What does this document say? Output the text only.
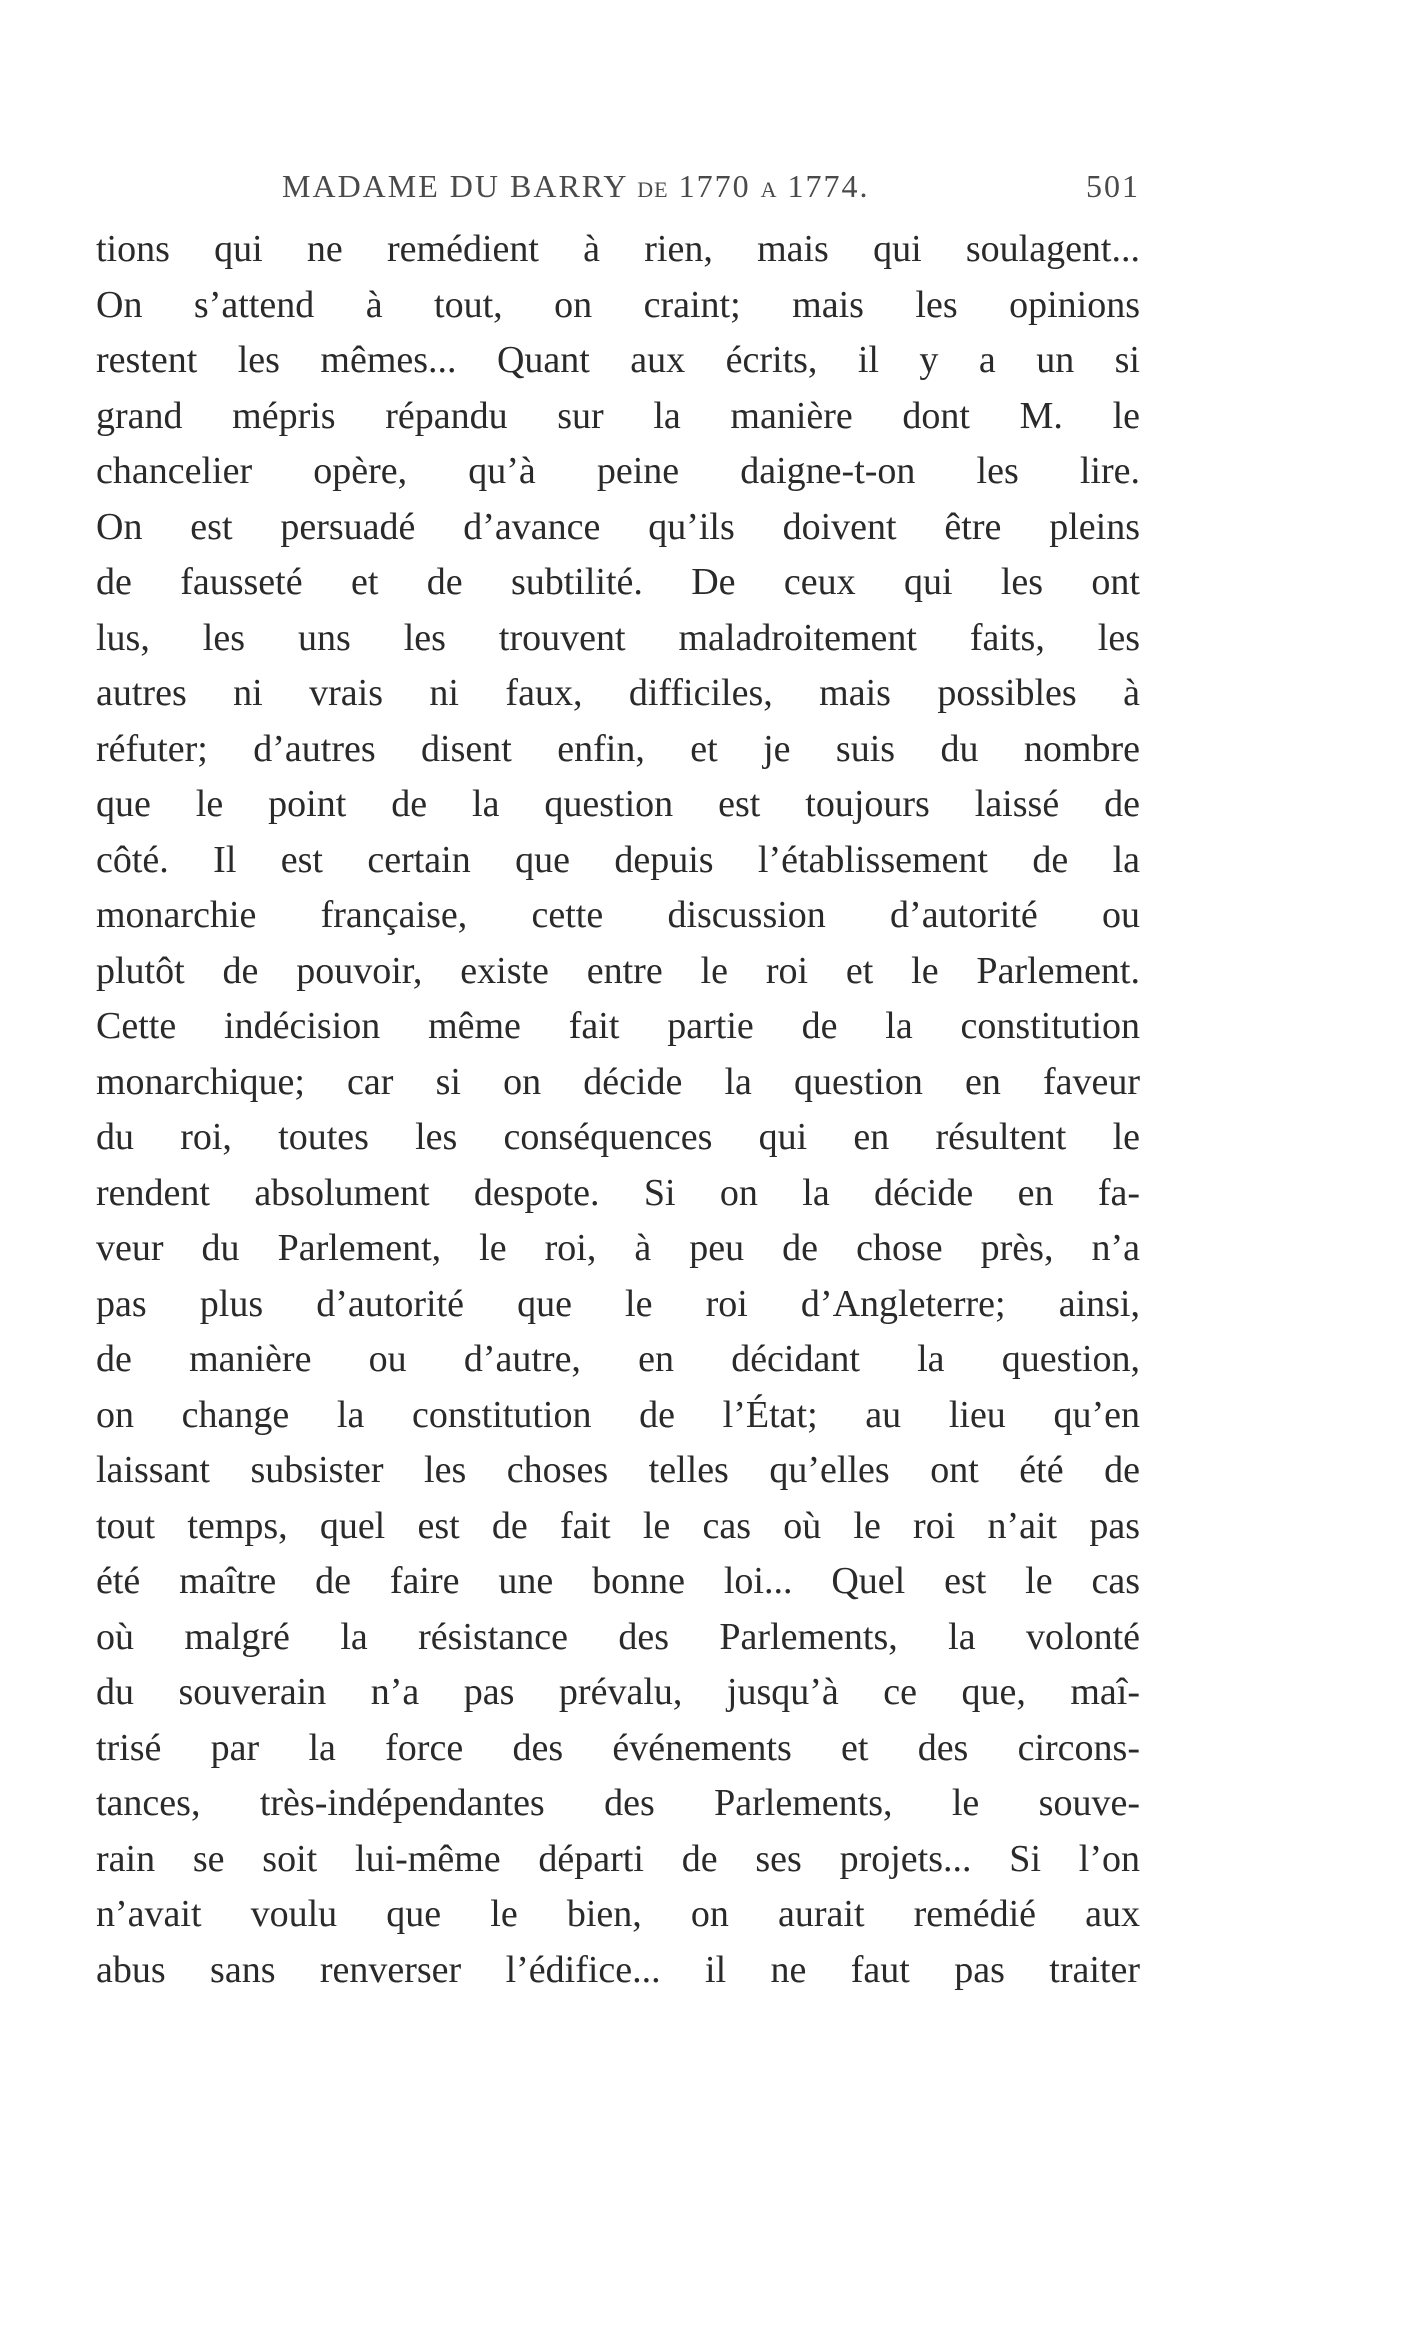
MADAME DU BARRY DE 1770 A 1774.	501
tions qui ne remédient à rien, mais qui soulagent...
On s’attend à tout, on craint; mais les opinions
restent les mêmes... Quant aux écrits, il y a un si
grand mépris répandu sur la manière dont M. le
chancelier opère, qu’à peine daigne-t-on les lire.
On est persuadé d’avance qu’ils doivent être pleins
de fausseté et de subtilité. De ceux qui les ont
lus, les uns les trouvent maladroitement faits, les
autres ni vrais ni faux, difficiles, mais possibles à
réfuter; d’autres disent enfin, et je suis du nombre
que le point de la question est toujours laissé de
côté. Il est certain que depuis l’établissement de la
monarchie française, cette discussion d’autorité ou
plutôt de pouvoir, existe entre le roi et le Parlement.
Cette indécision même fait partie de la constitution
monarchique; car si on décide la question en faveur
du roi, toutes les conséquences qui en résultent le
rendent absolument despote. Si on la décide en fa-
veur du Parlement, le roi, à peu de chose près, n’a
pas plus d’autorité que le roi d’Angleterre; ainsi,
de manière ou d’autre, en décidant la question,
on change la constitution de l’État; au lieu qu’en
laissant subsister les choses telles qu’elles ont été de
tout temps, quel est de fait le cas où le roi n’ait pas
été maître de faire une bonne loi... Quel est le cas
où malgré la résistance des Parlements, la volonté
du souverain n’a pas prévalu, jusqu’à ce que, maî-
trisé par la force des événements et des circons-
tances, très-indépendantes des Parlements, le souve-
rain se soit lui-même départi de ses projets... Si l’on
n’avait voulu que le bien, on aurait remédié aux
abus sans renverser l’édifice... il ne faut pas traiter
